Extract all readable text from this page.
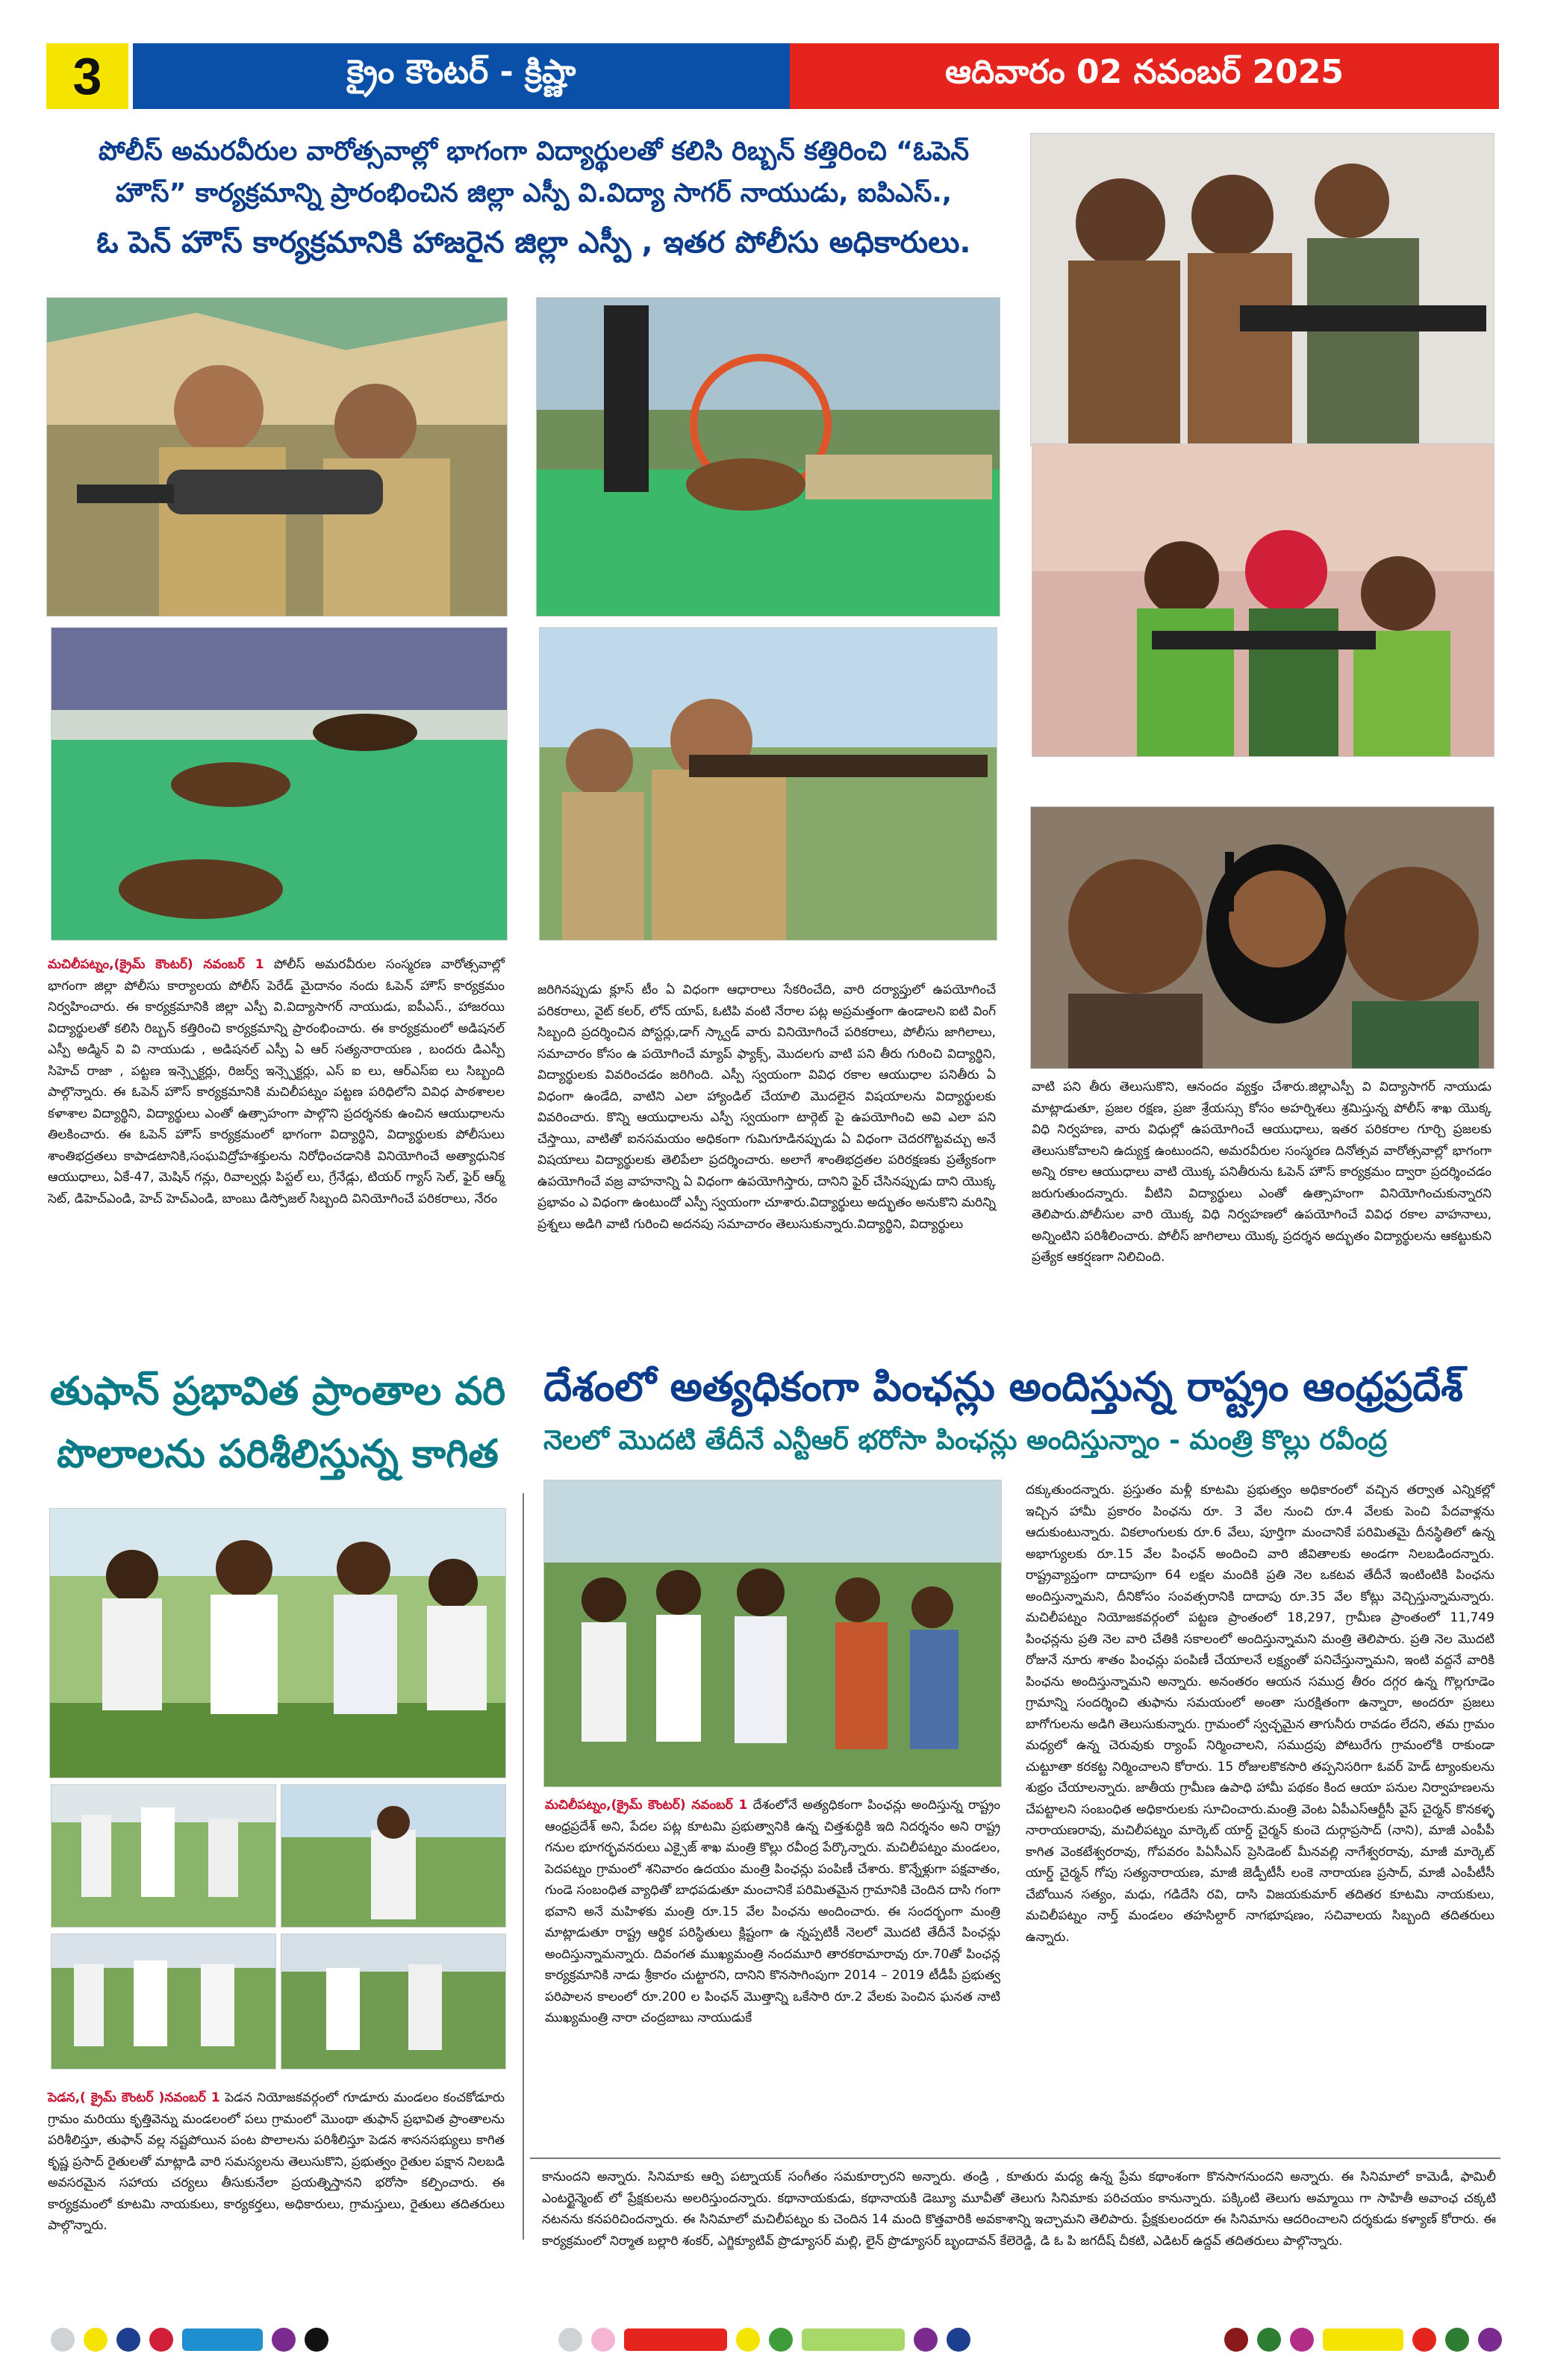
3	క్రైం కౌంటర్ - క్రిష్ణా	ఆదివారం 02 నవంబర్ 2025
పోలీస్ అమరవీరుల వారోత్సవాల్లో భాగంగా విద్యార్థులతో కలిసి రిబ్బన్ కత్తిరించి “ఓపెన్
హౌస్” కార్యక్రమాన్ని ప్రారంభించిన జిల్లా ఎస్పీ వి.విద్యా సాగర్ నాయుడు, ఐపిఎస్.,
ఓ పెన్ హౌస్ కార్యక్రమానికి హాజరైన జిల్లా ఎస్పీ , ఇతర పోలీసు అధికారులు.
మచిలీపట్నం,(క్రైమ్ కౌంటర్) నవంబర్ 1 పోలీస్ అమరవీరుల సంస్మరణ వారోత్సవాల్లో భాగంగా జిల్లా పోలీసు కార్యాలయ పోలీస్ పెరేడ్ మైదానం నందు ఓపెన్ హౌస్ కార్యక్రమం నిర్వహించారు. ఈ కార్యక్రమానికి జిల్లా ఎస్పీ వి.విద్యాసాగర్ నాయుడు, ఐపీఎస్., హాజరయి విద్యార్థులతో కలిసి రిబ్బన్ కత్తిరించి కార్యక్రమాన్ని ప్రారంభించారు. ఈ కార్యక్రమంలో అడిషనల్ ఎస్పీ అడ్మిన్ వి వి నాయుడు , అడిషనల్ ఎస్పీ ఏ ఆర్ సత్యనారాయణ , బందరు డిఎస్పీ సిహెచ్ రాజా , పట్టణ ఇన్స్పెక్టర్లు, రిజర్వ్ ఇన్స్పెక్టర్లు, ఎస్ ఐ లు, ఆర్ఎస్ఐ లు సిబ్బంది పాల్గొన్నారు. ఈ ఓపెన్ హౌస్ కార్యక్రమానికి మచిలీపట్నం పట్టణ పరిధిలోని వివిధ పాఠశాలల కళాశాల విద్యార్థిని, విద్యార్థులు ఎంతో ఉత్సాహంగా పాల్గొని ప్రదర్శనకు ఉంచిన ఆయుధాలను తిలకించారు. ఈ ఓపెన్ హౌస్ కార్యక్రమంలో భాగంగా విద్యార్థిని, విద్యార్థులకు పోలీసులు శాంతిభద్రతలు కాపాడటానికి,సంఘవిద్రోహశక్తులను నిరోధించడానికి వినియోగించే అత్యాధునిక ఆయుధాలు, ఏకే-47, మెషిన్ గన్లు, రివాల్వర్లు పిస్టల్ లు, గ్రేనేడ్లు, టియర్ గ్యాస్ సెల్, ఫైర్ ఆర్మ్ సెట్, డిహెచ్ఎండి, హెచ్ హెచ్ఎండి, బాంబు డిస్పోజల్ సిబ్బంది వినియోగించే పరికరాలు, నేరం
జరిగినప్పుడు క్లూస్ టీం ఏ విధంగా ఆధారాలు సేకరించేది, వారి దర్యాప్తులో ఉపయోగించే పరికరాలు, వైట్ కలర్, లోన్ యాప్, ఓటిపి వంటి నేరాల పట్ల అప్రమత్తంగా ఉండాలని ఐటి వింగ్ సిబ్బంది ప్రదర్శించిన పోస్టర్లు,డాగ్ స్క్వాడ్ వారు వినియోగించే పరికరాలు, పోలీసు జాగిలాలు, సమాచారం కోసం ఉ పయోగించే మ్యాప్ ఫ్యాక్స్, మొదలగు వాటి పని తీరు గురించి విద్యార్థిని, విద్యార్థులకు వివరించడం జరిగింది. ఎస్పీ స్వయంగా వివిధ రకాల ఆయుధాల పనితీరు ఏ విధంగా ఉండేది, వాటిని ఎలా హ్యాండిల్ చేయాలి మొదలైన విషయాలను విద్యార్థులకు వివరించారు. కొన్ని ఆయుధాలను ఎస్పీ స్వయంగా టార్గెట్ పై ఉపయోగించి అవి ఎలా పని చేస్తాయి, వాటితో ఐనసమయం అధికంగా గుమిగూడినప్పుడు ఏ విధంగా చెదరగొట్టవచ్చు అనే విషయాలు విద్యార్థులకు తెలిపేలా ప్రదర్శించారు. అలాగే శాంతిభద్రతల పరిరక్షణకు ప్రత్యేకంగా ఉపయోగించే వజ్ర వాహనాన్ని ఏ విధంగా ఉపయోగిస్తారు, దానిని ఫైర్ చేసినప్పుడు దాని యొక్క ప్రభావం ఎ విధంగా ఉంటుందో ఎస్పీ స్వయంగా చూశారు.విద్యార్థులు అద్భుతం అనుకొని మరిన్ని ప్రశ్నలు అడిగి వాటి గురించి అదనపు సమాచారం తెలుసుకున్నారు.విద్యార్థిని, విద్యార్థులు
వాటి పని తీరు తెలుసుకొని, ఆనందం వ్యక్తం చేశారు.జిల్లాఎస్పీ వి విద్యాసాగర్ నాయుడు మాట్లాడుతూ, ప్రజల రక్షణ, ప్రజా శ్రేయస్సు కోసం అహర్నిశలు శ్రమిస్తున్న పోలీస్ శాఖ యొక్క విధి నిర్వహణ, వారు విధుల్లో ఉపయోగించే ఆయుధాలు, ఇతర పరికరాల గూర్చి ప్రజలకు తెలుసుకోవాలని ఉద్యుక్త ఉంటుందని, అమరవీరుల సంస్మరణ దినోత్సవ వారోత్సవాల్లో భాగంగా అన్ని రకాల ఆయుధాలు వాటి యొక్క పనితీరును ఓపెన్ హౌస్ కార్యక్రమం ద్వారా ప్రదర్శించడం జరుగుతుందన్నారు. వీటిని విద్యార్థులు ఎంతో ఉత్సాహంగా వినియోగించుకున్నారని తెలిపారు.పోలీసుల వారి యొక్క విధి నిర్వహణలో ఉపయోగించే వివిధ రకాల వాహనాలు, అన్నింటిని పరిశీలించారు. పోలీస్ జాగిలాలు యొక్క ప్రదర్శన అద్భుతం విద్యార్థులను ఆకట్టుకుని ప్రత్యేక ఆకర్షణగా నిలిచింది.
తుఫాన్ ప్రభావిత ప్రాంతాల వరి
పొలాలను పరిశీలిస్తున్న కాగిత
పెడన,( క్రైమ్ కౌంటర్ )నవంబర్ 1 పెడన నియోజకవర్గంలో గూడూరు మండలం కంచకోడూరు గ్రామం మరియు కృత్తివెన్ను మండలంలో పలు గ్రామంలో మొంథా తుఫాన్ ప్రభావిత ప్రాంతాలను పరిశీలిస్తూ, తుఫాన్ వల్ల నష్టపోయిన పంట పొలాలను పరిశీలిస్తూ పెడన శాసనసభ్యులు కాగిత కృష్ణ ప్రసాద్ రైతులతో మాట్లాడి వారి సమస్యలను తెలుసుకొని, ప్రభుత్వం రైతుల పక్షాన నిలబడి అవసరమైన సహాయ చర్యలు తీసుకునేలా ప్రయత్నిస్తానని భరోసా కల్పించారు. ఈ కార్యక్రమంలో కూటమి నాయకులు, కార్యకర్తలు, అధికారులు, గ్రామస్తులు, రైతులు తదితరులు పాల్గొన్నారు.
దేశంలో అత్యధికంగా పింఛన్లు అందిస్తున్న రాష్ట్రం ఆంధ్రప్రదేశ్
నెలలో మొదటి తేదీనే ఎన్టీఆర్ భరోసా పింఛన్లు అందిస్తున్నాం - మంత్రి కొల్లు రవీంద్ర
మచిలీపట్నం,(క్రైమ్ కౌంటర్) నవంబర్ 1 దేశంలోనే అత్యధికంగా పింఛన్లు అందిస్తున్న రాష్ట్రం ఆంధ్రప్రదేశ్ అని, పేదల పట్ల కూటమి ప్రభుత్వానికి ఉన్న చిత్తశుద్ధికి ఇది నిదర్శనం అని రాష్ట్ర గనుల భూగర్భవనరులు ఎక్సైజ్ శాఖ మంత్రి కొల్లు రవీంద్ర పేర్కొన్నారు. మచిలీపట్నం మండలం, పెదపట్నం గ్రామంలో శనివారం ఉదయం మంత్రి పింఛన్లు పంపిణీ చేశారు. కొన్నేళ్లుగా పక్షవాతం, గుండె సంబంధిత వ్యాధితో బాధపడుతూ మంచానికే పరిమితమైన గ్రామానికి చెందిన దాసి గంగా భవాని అనే మహిళకు మంత్రి రూ.15 వేల పింఛను అందించారు. ఈ సందర్భంగా మంత్రి మాట్లాడుతూ రాష్ట్ర ఆర్థిక పరిస్థితులు క్లిష్టంగా ఉ న్నప్పటికీ నెలలో మొదటి తేదీనే పింఛన్లు అందిస్తున్నామన్నారు. దివంగత ముఖ్యమంత్రి నందమూరి తారకరామారావు రూ.70తో పింఛన్ల కార్యక్రమానికి నాడు శ్రీకారం చుట్టారని, దానిని కొనసాగింపుగా 2014 – 2019 టీడీపీ ప్రభుత్వ పరిపాలన కాలంలో రూ.200 ల పింఛన్ మొత్తాన్ని ఒకేసారి రూ.2 వేలకు పెంచిన ఘనత నాటి ముఖ్యమంత్రి నారా చంద్రబాబు నాయుడుకే
దక్కుతుందన్నారు. ప్రస్తుతం మళ్లీ కూటమి ప్రభుత్వం అధికారంలో వచ్చిన తర్వాత ఎన్నికల్లో ఇచ్చిన హామీ ప్రకారం పింఛను రూ. 3 వేల నుంచి రూ.4 వేలకు పెంచి పేదవాళ్లను ఆదుకుంటున్నారు. వికలాంగులకు రూ.6 వేలు, పూర్తిగా మంచానికే పరిమితమై దీనస్థితిలో ఉన్న అభాగ్యులకు రూ.15 వేల పింఛన్ అందించి వారి జీవితాలకు అండగా నిలబడిందన్నారు. రాష్ట్రవ్యాప్తంగా దాదాపుగా 64 లక్షల మందికి ప్రతి నెల ఒకటవ తేదీనే ఇంటింటికి పింఛను అందిస్తున్నామని, దీనికోసం సంవత్సరానికి దాదాపు రూ.35 వేల కోట్లు వెచ్చిస్తున్నామన్నారు. మచిలీపట్నం నియోజకవర్గంలో పట్టణ ప్రాంతంలో 18,297, గ్రామీణ ప్రాంతంలో 11,749 పింఛన్లను ప్రతి నెల వారి చేతికి సకాలంలో అందిస్తున్నామని మంత్రి తెలిపారు. ప్రతి నెల మొదటి రోజునే నూరు శాతం పింఛన్లు పంపిణీ చేయాలనే లక్ష్యంతో పనిచేస్తున్నామని, ఇంటి వద్దనే వారికి పింఛను అందిస్తున్నామని అన్నారు. అనంతరం ఆయన సముద్ర తీరం దగ్గర ఉన్న గొల్లగూడెం గ్రామాన్ని సందర్శించి తుఫాను సమయంలో అంతా సురక్షితంగా ఉన్నారా, అందరూ ప్రజలు బాగోగులను అడిగి తెలుసుకున్నారు. గ్రామంలో స్వచ్ఛమైన తాగునీరు రావడం లేదని, తమ గ్రామం మధ్యలో ఉన్న చెరువుకు ర్యాంప్ నిర్మించాలని, సముద్రపు పోటురేగు గ్రామంలోకి రాకుండా చుట్టూతా కరకట్ట నిర్మించాలని కోరారు. 15 రోజులకొకసారి తప్పనిసరిగా ఓవర్ హెడ్ ట్యాంకులను శుభ్రం చేయాలన్నారు. జాతీయ గ్రామీణ ఉపాధి హామీ పథకం కింద ఆయా పనుల నిర్వాహణలను చేపట్టాలని సంబంధిత అధికారులకు సూచించారు.మంత్రి వెంట ఏపీఎస్ఆర్టీసీ వైస్ చైర్మన్ కొనకళ్ళ నారాయణరావు, మచిలీపట్నం మార్కెట్ యార్డ్ చైర్మన్ కుంచె దుర్గాప్రసాద్ (నాని), మాజీ ఎంపీపీ కాగిత వెంకటేశ్వరరావు, గోపవరం పిఏసీఎస్ ప్రెసిడెంట్ మీనవల్లి నాగేశ్వరరావు, మాజీ మార్కెట్ యార్డ్ చైర్మన్ గోపు సత్యనారాయణ, మాజీ జెడ్పీటీసీ లంకె నారాయణ ప్రసాద్, మాజీ ఎంపీటీసీ చేబోయిన సత్యం, మధు, గడిదేసి రవి, దాసి విజయకుమార్ తదితర కూటమి నాయకులు, మచిలీపట్నం నార్త్ మండలం తహసిల్దార్ నాగభూషణం, సచివాలయ సిబ్బంది తదితరులు ఉన్నారు.
కానుందని అన్నారు. సినిమాకు ఆర్పి పట్నాయక్ సంగీతం సమకూర్చారని అన్నారు. తండ్రి , కూతురు మధ్య ఉన్న ప్రేమ కథాంశంగా కొనసాగనుందని అన్నారు. ఈ సినిమాలో కామెడీ, ఫామిలీ ఎంటర్టైన్మెంట్ లో ప్రేక్షకులను అలరిస్తుందన్నారు. కథానాయకుడు, కథానాయకి డెబ్యూ మూవీతో తెలుగు సినిమాకు పరిచయం కానున్నారు. పక్కింటి తెలుగు అమ్మాయి గా సాహితీ అవాంఛ చక్కటి నటనను కనపరిచిందన్నారు. ఈ సినిమాలో మచిలీపట్నం కు చెందిన 14 మంది కొత్తవారికి అవకాశాన్ని ఇచ్చామని తెలిపారు. ప్రేక్షకులందరూ ఈ సినిమాను ఆదరించాలని దర్శకుడు కళ్యాణ్ కోరారు. ఈ కార్యక్రమంలో నిర్మాత బల్లారి శంకర్, ఎగ్జిక్యూటివ్ ప్రొడ్యూసర్ మల్లి, లైన్ ప్రొడ్యూసర్ బృందావన్ కేలెరెడ్డి, డి ఓ పి జగదీష్ చీకటి, ఎడిటర్ ఉద్దవ్ తదితరులు పాల్గొన్నారు.
